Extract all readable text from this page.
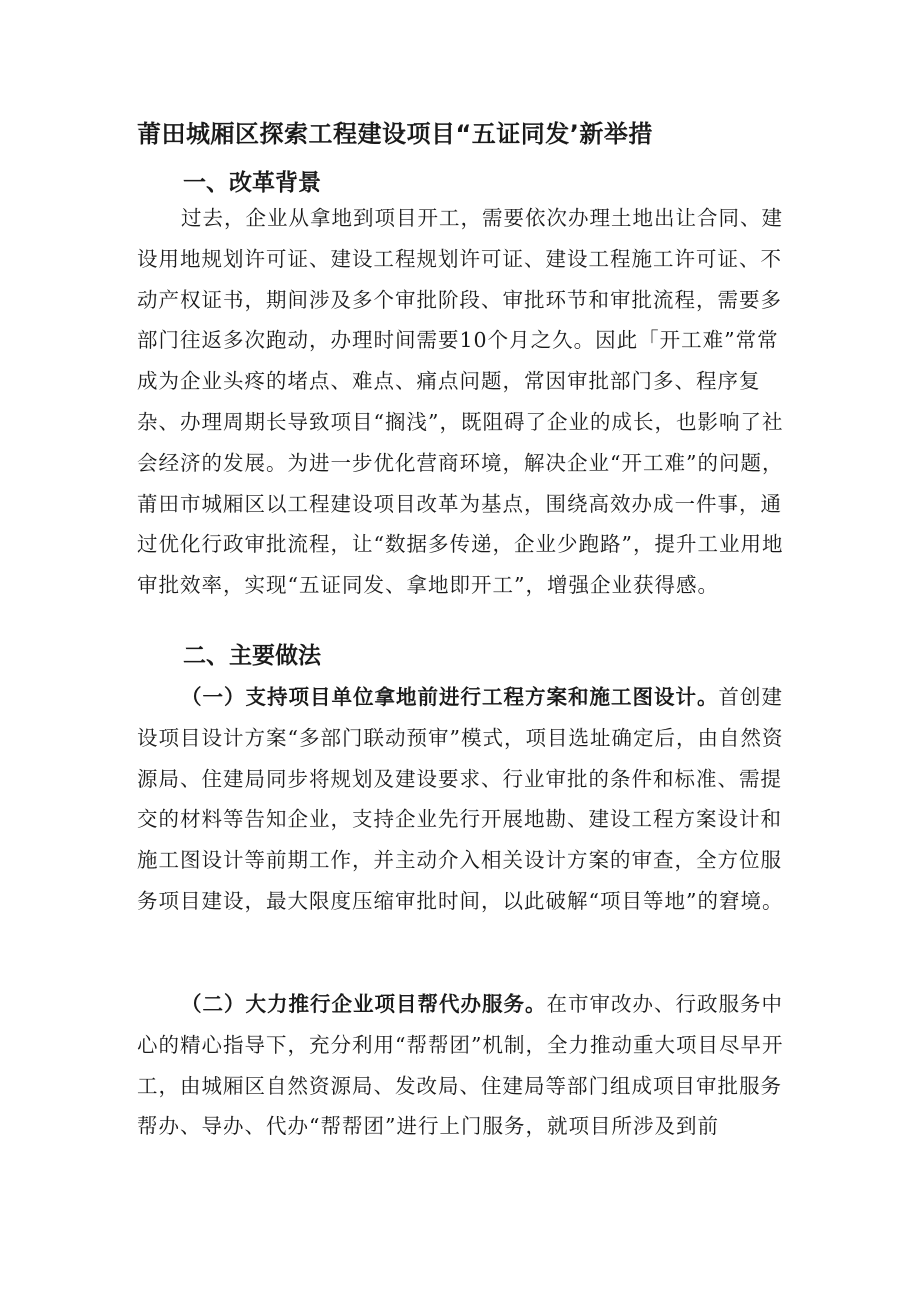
莆田城厢区探索工程建设项目“五证同发’新举措
一、改革背景

过去，企业从拿地到项目开工，需要依次办理土地出让合同、建设用地规划许可证、建设工程规划许可证、建设工程施工许可证、不动产权证书，期间涉及多个审批阶段、审批环节和审批流程，需要多部门往返多次跑动，办理时间需要10个月之久。因此「开工难”常常成为企业头疼的堵点、难点、痛点问题，常因审批部门多、程序复杂、办理周期长导致项目“搁浅”，既阻碍了企业的成长，也影响了社会经济的发展。为进一步优化营商环境，解决企业“开工难”的问题，莆田市城厢区以工程建设项目改革为基点，围绕高效办成一件事，通过优化行政审批流程，让“数据多传递，企业少跑路”，提升工业用地审批效率，实现“五证同发、拿地即开工”，增强企业获得感。

二、主要做法

（一）支持项目单位拿地前进行工程方案和施工图设计。首创建设项目设计方案“多部门联动预审”模式，项目选址确定后，由自然资源局、住建局同步将规划及建设要求、行业审批的条件和标准、需提交的材料等告知企业，支持企业先行开展地勘、建设工程方案设计和施工图设计等前期工作，并主动介入相关设计方案的审查，全方位服务项目建设，最大限度压缩审批时间，以此破解“项目等地”的窘境。

（二）大力推行企业项目帮代办服务。在市审改办、行政服务中心的精心指导下，充分利用“帮帮团”机制，全力推动重大项目尽早开工，由城厢区自然资源局、发改局、住建局等部门组成项目审批服务帮办、导办、代办“帮帮团”进行上门服务，就项目所涉及到前
